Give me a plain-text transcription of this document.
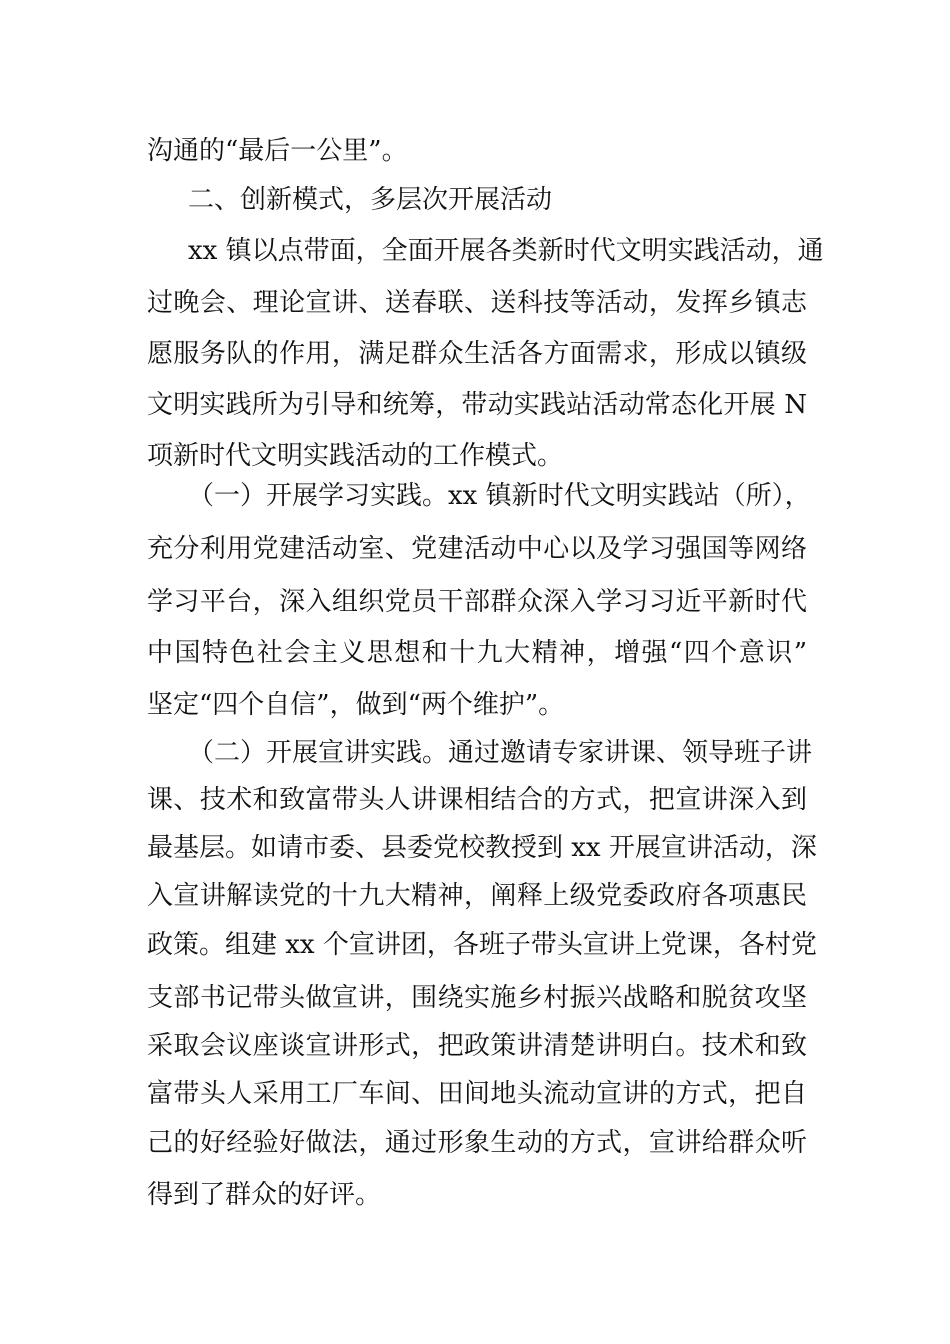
沟通的“最后一公里”。
二、创新模式，多层次开展活动
xx 镇以点带面，全面开展各类新时代文明实践活动，通
过晚会、理论宣讲、送春联、送科技等活动，发挥乡镇志
愿服务队的作用，满足群众生活各方面需求，形成以镇级
文明实践所为引导和统筹，带动实践站活动常态化开展 N
项新时代文明实践活动的工作模式。
（一）开展学习实践。xx 镇新时代文明实践站（所），
充分利用党建活动室、党建活动中心以及学习强国等网络
学习平台，深入组织党员干部群众深入学习习近平新时代
中国特色社会主义思想和十九大精神，增强“四个意识”
坚定“四个自信”，做到“两个维护”。
（二）开展宣讲实践。通过邀请专家讲课、领导班子讲
课、技术和致富带头人讲课相结合的方式，把宣讲深入到
最基层。如请市委、县委党校教授到 xx 开展宣讲活动，深
入宣讲解读党的十九大精神，阐释上级党委政府各项惠民
政策。组建 xx 个宣讲团，各班子带头宣讲上党课，各村党
支部书记带头做宣讲，围绕实施乡村振兴战略和脱贫攻坚
采取会议座谈宣讲形式，把政策讲清楚讲明白。技术和致
富带头人采用工厂车间、田间地头流动宣讲的方式，把自
己的好经验好做法，通过形象生动的方式，宣讲给群众听
得到了群众的好评。
